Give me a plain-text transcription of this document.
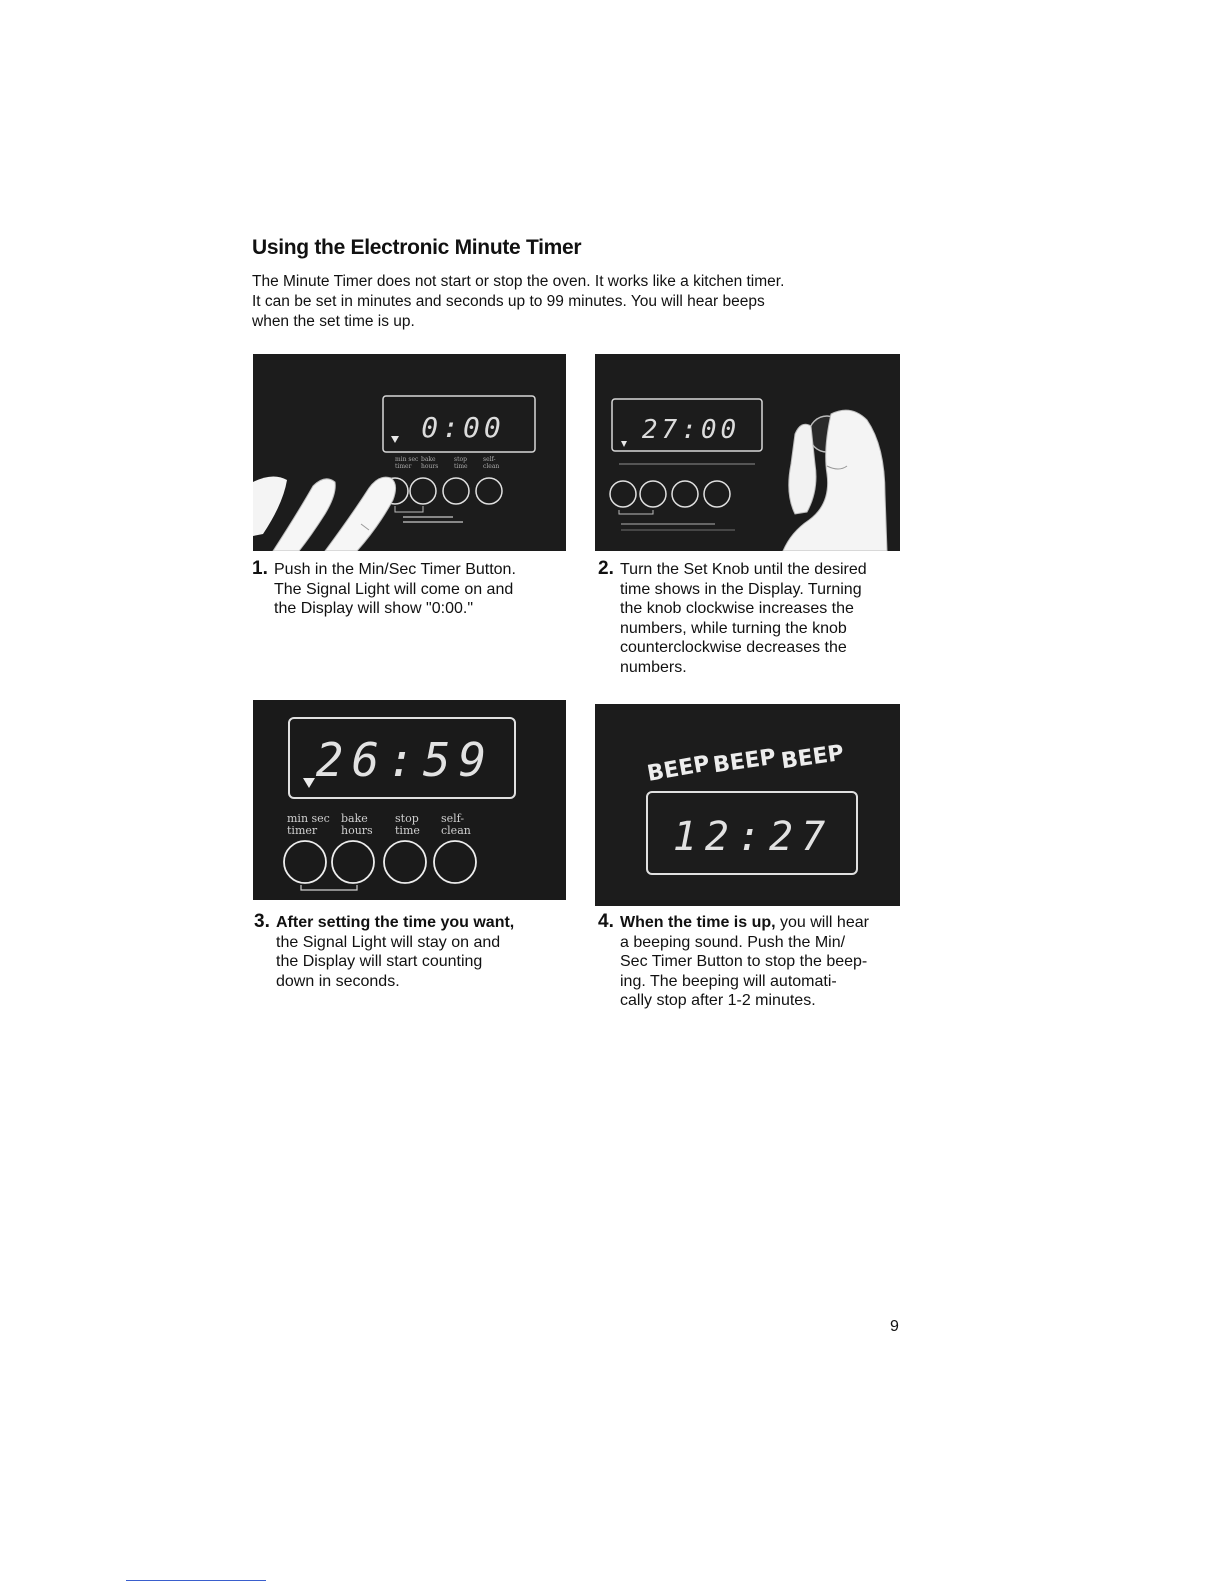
Using the Electronic Minute Timer

The Minute Timer does not start or stop the oven. It works like a kitchen timer.
It can be set in minutes and seconds up to 99 minutes. You will hear beeps
when the set time is up.

0:00
min sec bake	stop	self-
timer hours	time	clean
27:00
26:59
min sec bake stop self-
timer hours time clean
BEEP BEEP BEEP
12:27
1. Push in the Min/Sec Timer Button.
The Signal Light will come on and
the Display will show "0:00."
2. Turn the Set Knob until the desired
time shows in the Display. Turning
the knob clockwise increases the
numbers, while turning the knob
counterclockwise decreases the
numbers.
3. After setting the time you want,
the Signal Light will stay on and
the Display will start counting
down in seconds.
4. When the time is up, you will hear
a beeping sound. Push the Min/
Sec Timer Button to stop the beep-
ing. The beeping will automati-
cally stop after 1-2 minutes.

9
